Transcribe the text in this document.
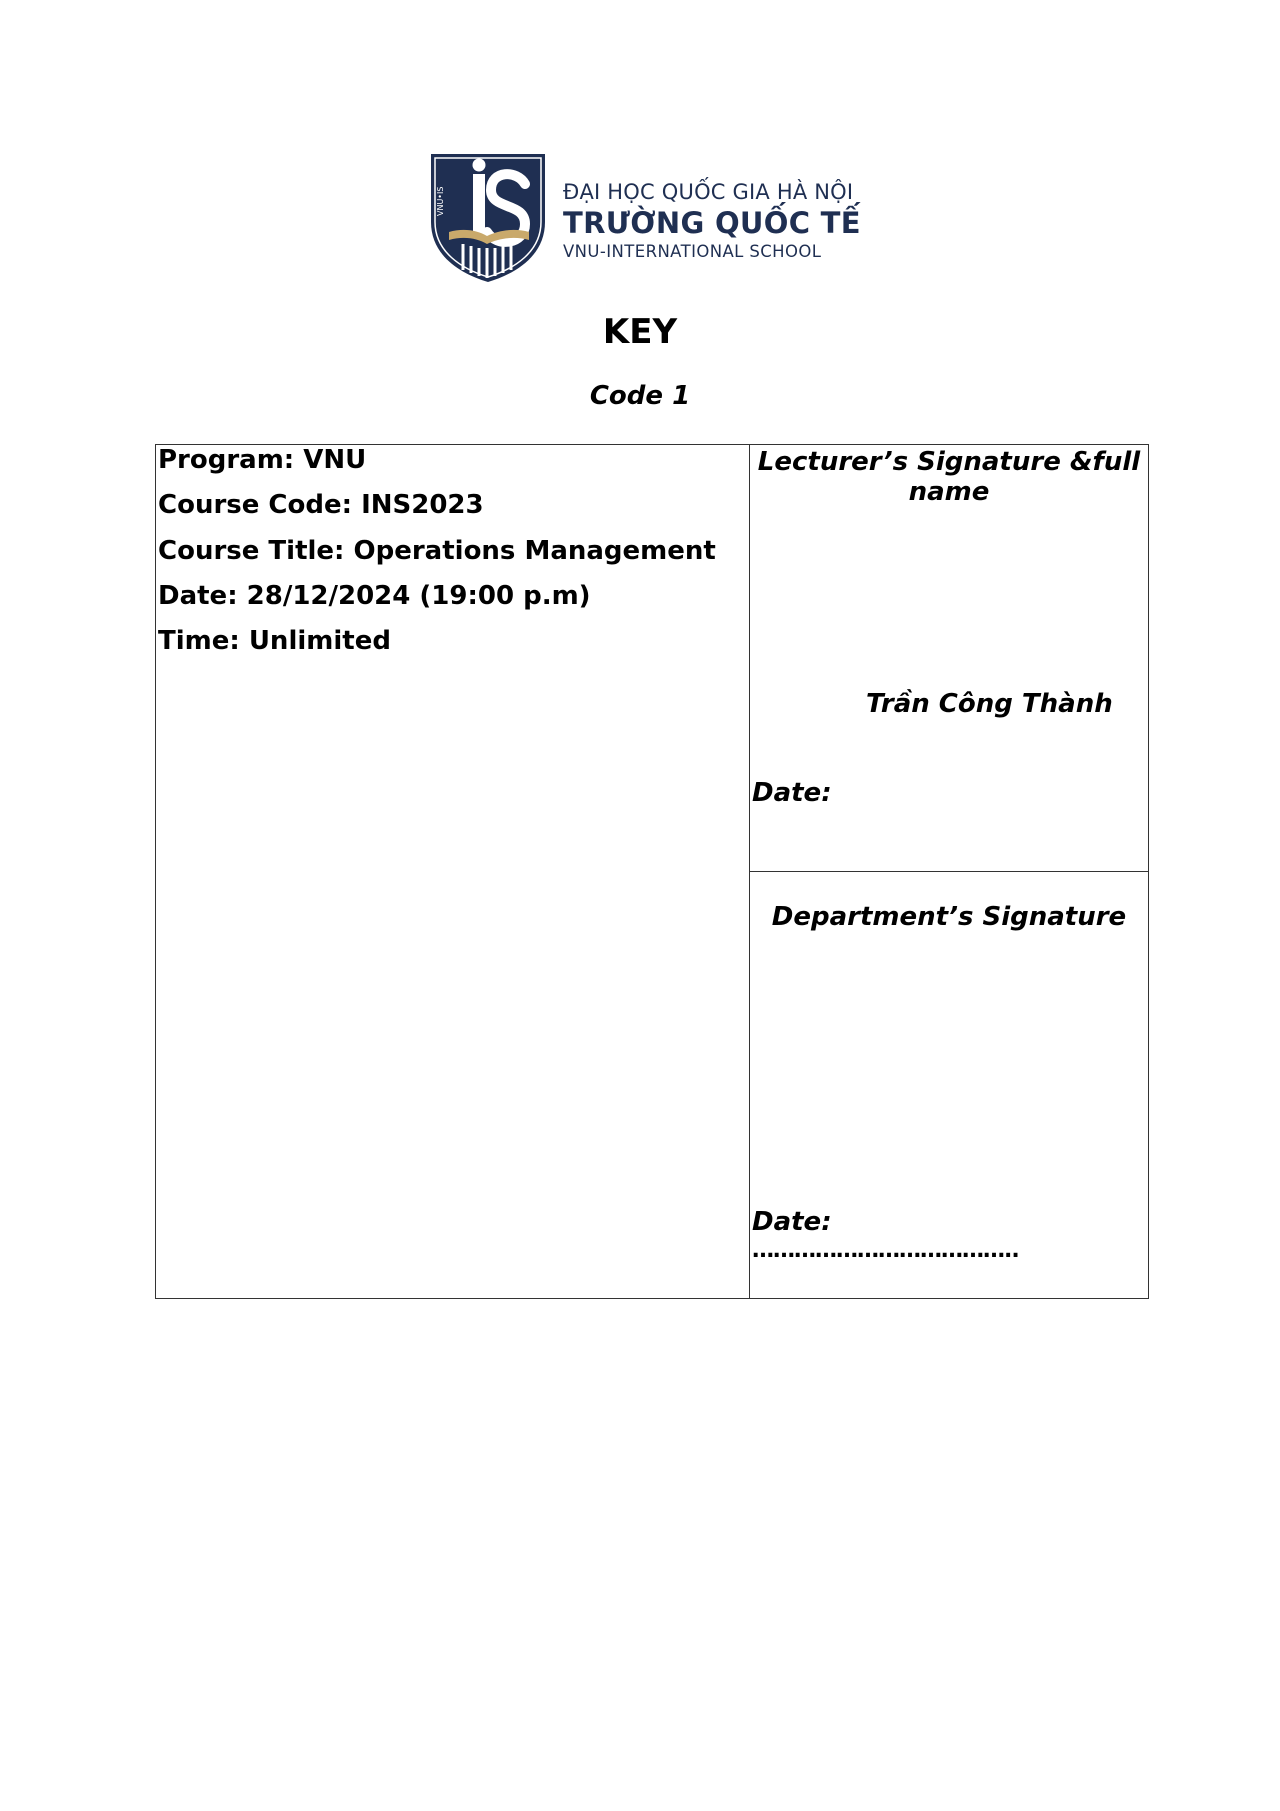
VNU•IS	ĐẠI HỌC QUỐC GIA HÀ NỘI
TRƯỜNG QUỐC TẾ
VNU-INTERNATIONAL SCHOOL
KEY
Code 1
Program: VNU
Course Code: INS2023
Course Title: Operations Management
Date: 28/12/2024 (19:00 p.m)
Time: Unlimited
Lecturer’s Signature &full name
Trần Công Thành
Date:
Department’s Signature
Date:
………………………………..
